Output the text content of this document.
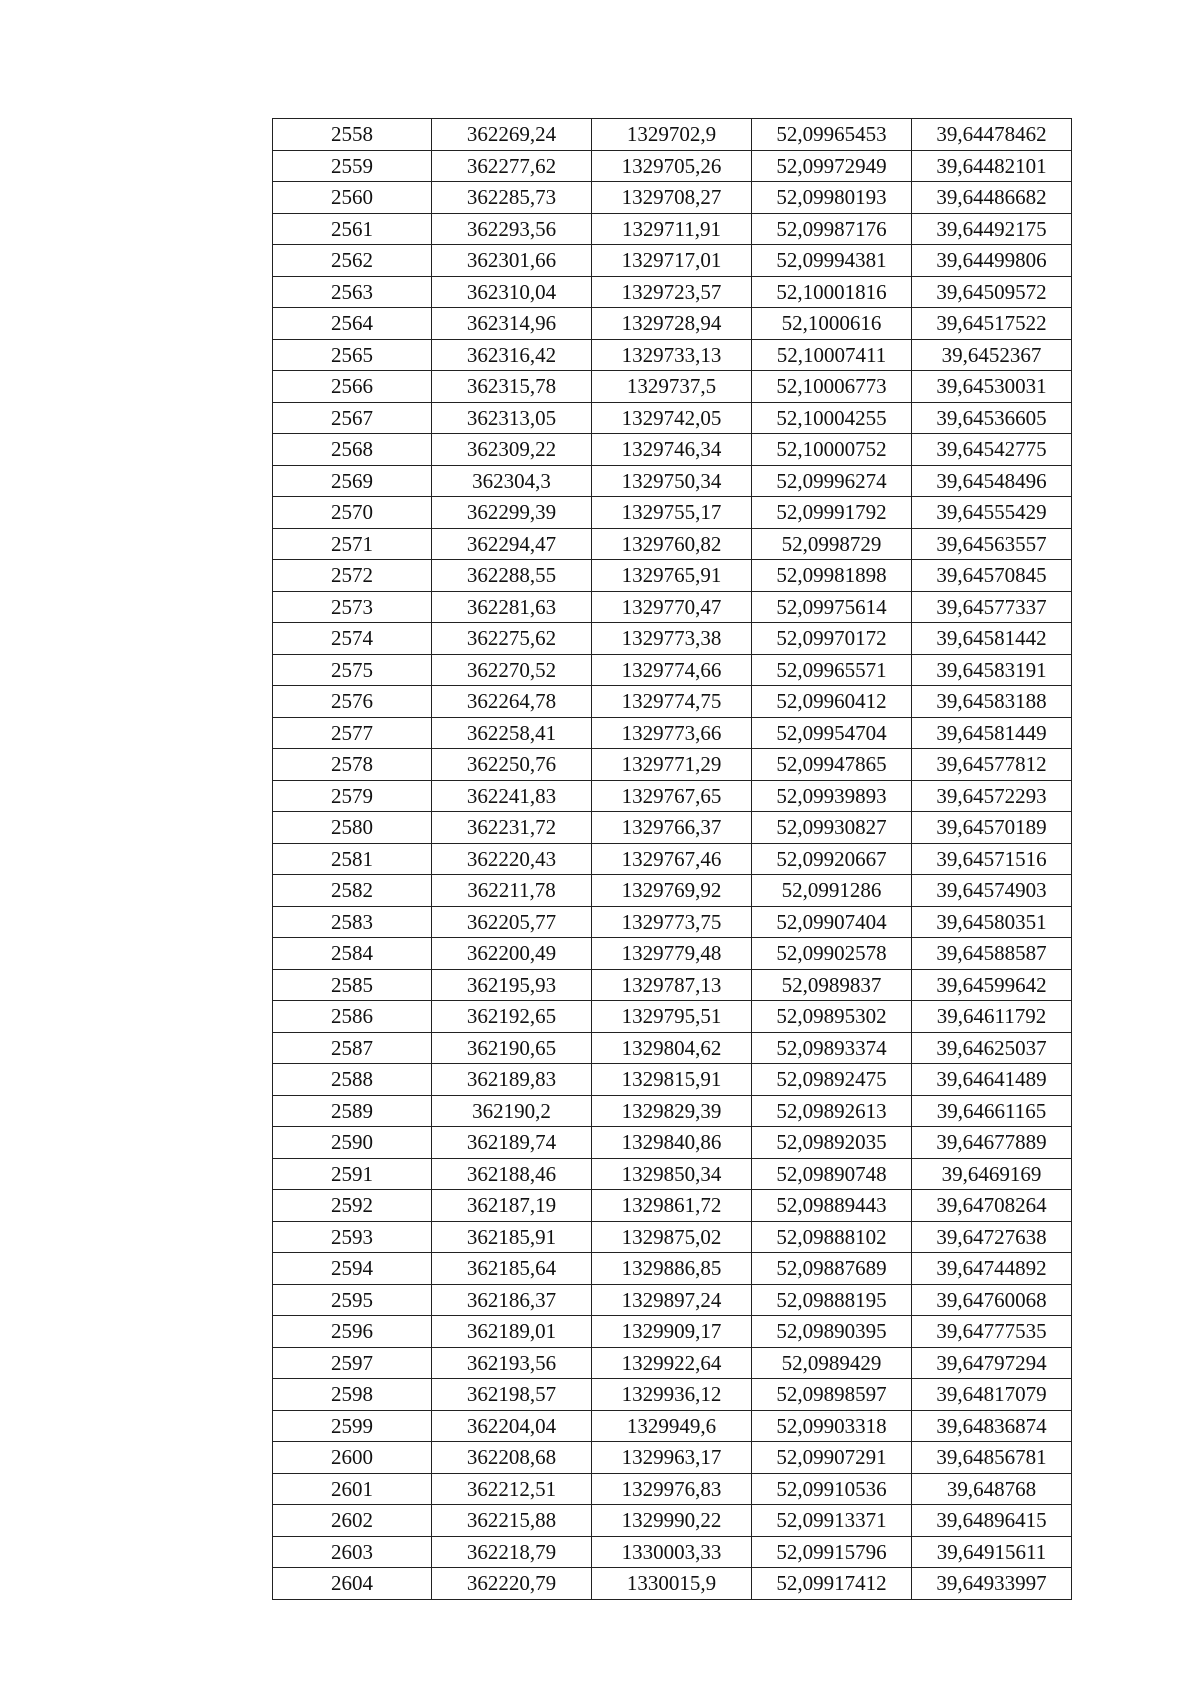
2558	362269,24	1329702,9	52,09965453	39,64478462
2559	362277,62	1329705,26	52,09972949	39,64482101
2560	362285,73	1329708,27	52,09980193	39,64486682
2561	362293,56	1329711,91	52,09987176	39,64492175
2562	362301,66	1329717,01	52,09994381	39,64499806
2563	362310,04	1329723,57	52,10001816	39,64509572
2564	362314,96	1329728,94	52,1000616	39,64517522
2565	362316,42	1329733,13	52,10007411	39,6452367
2566	362315,78	1329737,5	52,10006773	39,64530031
2567	362313,05	1329742,05	52,10004255	39,64536605
2568	362309,22	1329746,34	52,10000752	39,64542775
2569	362304,3	1329750,34	52,09996274	39,64548496
2570	362299,39	1329755,17	52,09991792	39,64555429
2571	362294,47	1329760,82	52,0998729	39,64563557
2572	362288,55	1329765,91	52,09981898	39,64570845
2573	362281,63	1329770,47	52,09975614	39,64577337
2574	362275,62	1329773,38	52,09970172	39,64581442
2575	362270,52	1329774,66	52,09965571	39,64583191
2576	362264,78	1329774,75	52,09960412	39,64583188
2577	362258,41	1329773,66	52,09954704	39,64581449
2578	362250,76	1329771,29	52,09947865	39,64577812
2579	362241,83	1329767,65	52,09939893	39,64572293
2580	362231,72	1329766,37	52,09930827	39,64570189
2581	362220,43	1329767,46	52,09920667	39,64571516
2582	362211,78	1329769,92	52,0991286	39,64574903
2583	362205,77	1329773,75	52,09907404	39,64580351
2584	362200,49	1329779,48	52,09902578	39,64588587
2585	362195,93	1329787,13	52,0989837	39,64599642
2586	362192,65	1329795,51	52,09895302	39,64611792
2587	362190,65	1329804,62	52,09893374	39,64625037
2588	362189,83	1329815,91	52,09892475	39,64641489
2589	362190,2	1329829,39	52,09892613	39,64661165
2590	362189,74	1329840,86	52,09892035	39,64677889
2591	362188,46	1329850,34	52,09890748	39,6469169
2592	362187,19	1329861,72	52,09889443	39,64708264
2593	362185,91	1329875,02	52,09888102	39,64727638
2594	362185,64	1329886,85	52,09887689	39,64744892
2595	362186,37	1329897,24	52,09888195	39,64760068
2596	362189,01	1329909,17	52,09890395	39,64777535
2597	362193,56	1329922,64	52,0989429	39,64797294
2598	362198,57	1329936,12	52,09898597	39,64817079
2599	362204,04	1329949,6	52,09903318	39,64836874
2600	362208,68	1329963,17	52,09907291	39,64856781
2601	362212,51	1329976,83	52,09910536	39,648768
2602	362215,88	1329990,22	52,09913371	39,64896415
2603	362218,79	1330003,33	52,09915796	39,64915611
2604	362220,79	1330015,9	52,09917412	39,64933997
